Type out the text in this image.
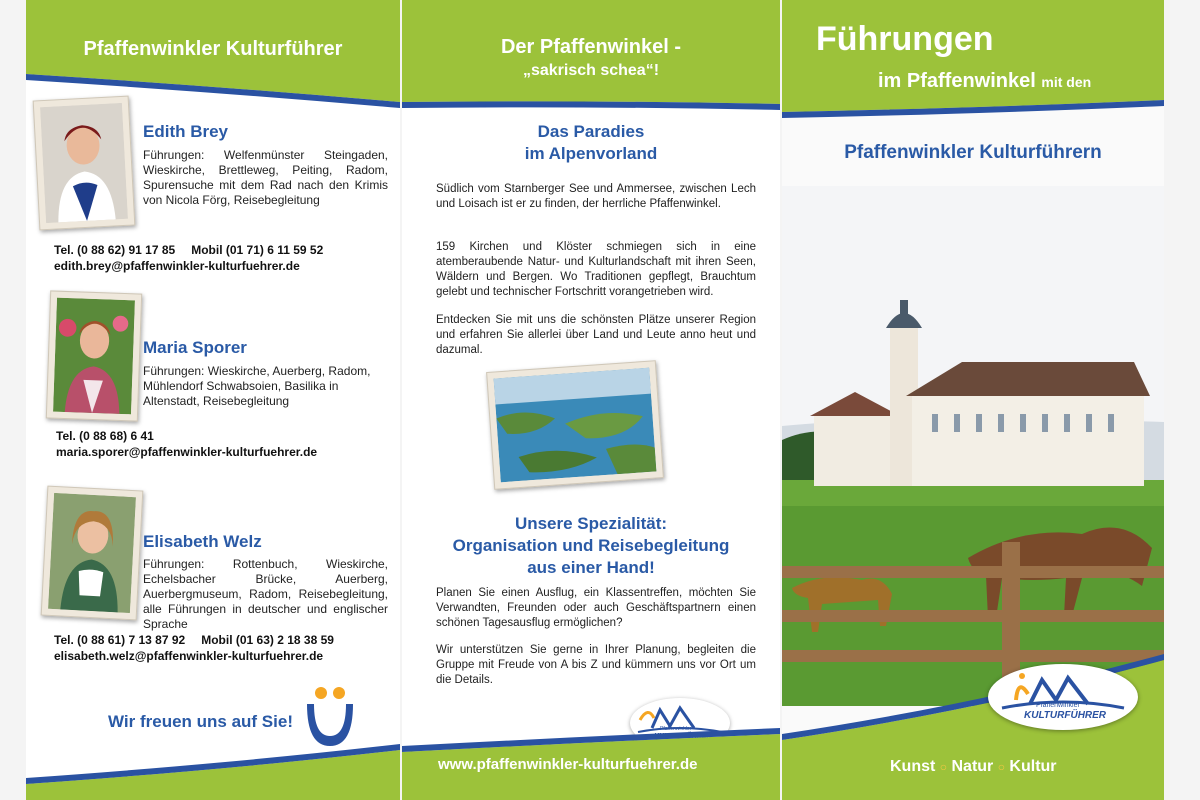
Pfaffenwinkler Kulturführer
Edith Brey
Führungen: Welfenmünster Steingaden, Wieskirche, Brettleweg, Peiting, Radom, Spurensuche mit dem Rad nach den Krimis von Nicola Förg, Reisebegleitung
Tel. (0 88 62) 91 17 85 Mobil (01 71) 6 11 59 52
edith.brey@pfaffenwinkler-kulturfuehrer.de
Maria Sporer
Führungen: Wieskirche, Auerberg, Radom, Mühlendorf Schwabsoien, Basilika in Altenstadt, Reisebegleitung
Tel. (0 88 68) 6 41
maria.sporer@pfaffenwinkler-kulturfuehrer.de
Elisabeth Welz
Führungen: Rottenbuch, Wieskirche, Echelsbacher Brücke, Auerberg, Auerbergmuseum, Radom, Reisebegleitung, alle Führungen in deutscher und englischer Sprache
Tel. (0 88 61) 7 13 87 92 Mobil (01 63) 2 18 38 59
elisabeth.welz@pfaffenwinkler-kulturfuehrer.de
Wir freuen uns auf Sie!
Der Pfaffenwinkel -
„sakrisch schea“!
Das Paradies
im Alpenvorland
Südlich vom Starnberger See und Ammersee, zwischen Lech und Loisach ist er zu finden, der herrliche Pfaffenwinkel.
159 Kirchen und Klöster schmiegen sich in eine atemberaubende Natur- und Kulturlandschaft mit ihren Seen, Wäldern und Bergen. Wo Traditionen gepflegt, Brauchtum gelebt und technischer Fortschritt vorangetrieben wird.
Entdecken Sie mit uns die schönsten Plätze unserer Region und erfahren Sie allerlei über Land und Leute anno heut und dazumal.
Unsere Spezialität:
Organisation und Reisebegleitung
aus einer Hand!
Planen Sie einen Ausflug, ein Klassentreffen, möchten Sie Verwandten, Freunden oder auch Geschäftspartnern einen schönen Tagesausflug ermöglichen?
Wir unterstützen Sie gerne in Ihrer Planung, begleiten die Gruppe mit Freude von A bis Z und kümmern uns vor Ort um die Details.
Pfaffenwinkler
www.pfaffenwinkler-kulturfuehrer.de
Führungen
im Pfaffenwinkel mit den
Pfaffenwinkler Kulturführern
Pfaffenwinkler
KULTURFÜHRER
Kunst ○ Natur ○ Kultur
